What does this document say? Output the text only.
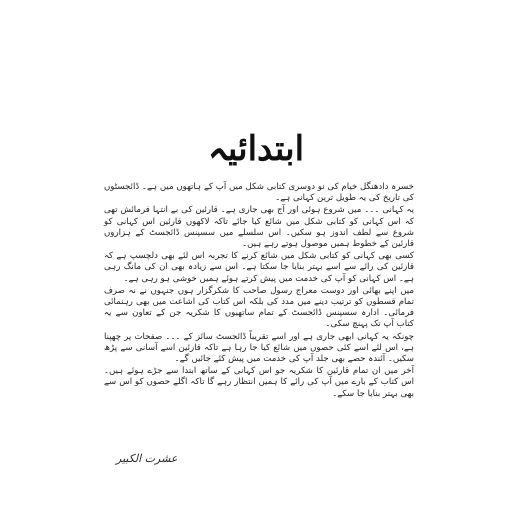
ابتدائیہ

خسرہ دادھنگل خیام کی نو دوسری کتابی شکل میں آپ کے ہاتھوں میں ہے۔ ڈائجسٹوں کی تاریخ کی یہ طویل ترین کہانی ہے۔

یہ کہانی ۔۔۔ میں شروع ہوئی اور آج بھی جاری ہے۔ قارئین کی بے انتہا فرمائش تھی کہ اس کہانی کو کتابی شکل میں شائع کیا جائے تاکہ لاکھوں قارئین اس کہانی کو شروع سے لطف اندوز ہو سکیں۔ اس سلسلے میں سسپنس ڈائجسٹ کے ہزاروں قارئین کے خطوط ہمیں موصول ہوتے رہے ہیں۔

کسی بھی کہانی کو کتابی شکل میں شائع کرنے کا تجربہ اس لئے بھی دلچسپ ہے کہ قارئین کی رائے سے اسے بہتر بنایا جا سکتا ہے۔ اس سے زیادہ بھی ان کی مانگ رہی ہے۔ اس کہانی کو آپ کی خدمت میں پیش کرتے ہوئے ہمیں خوشی ہو رہی ہے۔

میں اپنے بھائی اور دوست معراج رسول صاحب کا شکرگزار ہوں جنہوں نے نہ صرف تمام قسطوں کو ترتیب دینے میں مدد کی بلکہ اس کتاب کی اشاعت میں بھی رہنمائی فرمائی۔ ادارہ سسپنس ڈائجسٹ کے تمام ساتھیوں کا شکریہ جن کے تعاون سے یہ کتاب آپ تک پہنچ سکی۔

چونکہ یہ کہانی ابھی جاری ہے اور اسے تقریباً ڈائجسٹ سائز کے ۔۔۔ صفحات پر چھپنا ہے، اس لئے اسے کئی حصوں میں شائع کیا جا رہا ہے تاکہ قارئین اسے آسانی سے پڑھ سکیں۔ آئندہ حصے بھی جلد آپ کی خدمت میں پیش کئے جائیں گے۔

آخر میں ان تمام قارئین کا شکریہ جو اس کہانی کے ساتھ ابتدا سے جڑے ہوئے ہیں۔ اس کتاب کے بارے میں آپ کی رائے کا ہمیں انتظار رہے گا تاکہ اگلے حصوں کو اس سے بھی بہتر بنایا جا سکے۔

عشرت الکبیر
